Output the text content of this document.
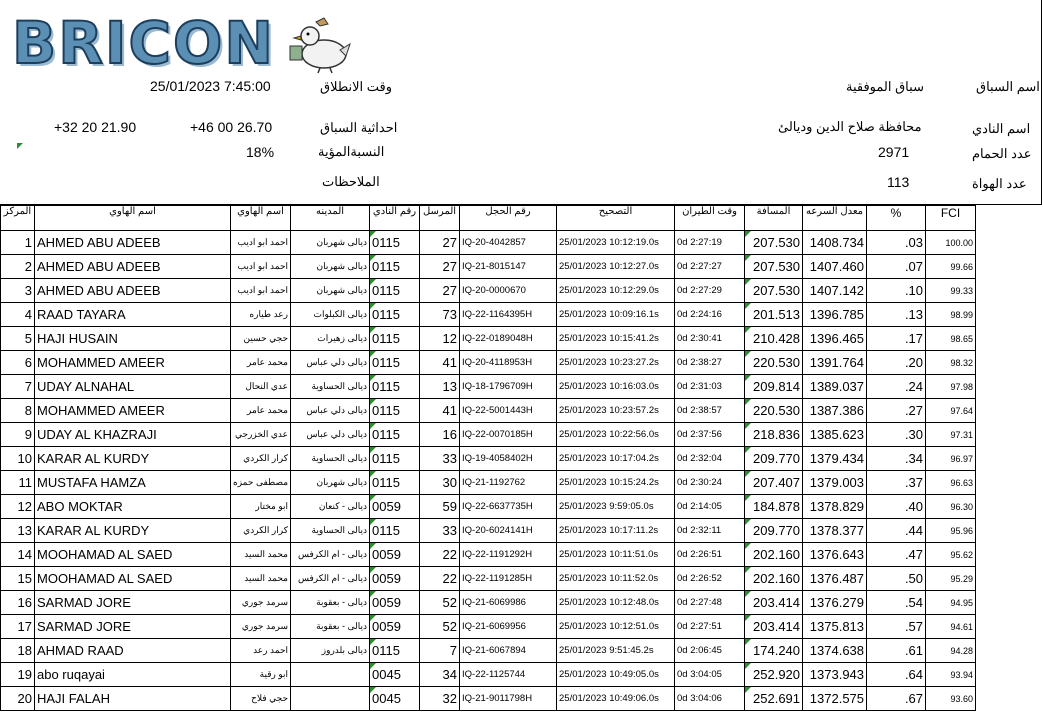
BRICON
اسم السباق
سباق الموفقية
وقت الانطلاق
25/01/2023 7:45:00
اسم النادي
محافظة صلاح الدين وديالئ
احداثية السباق
+46 00 26.70
+32 20 21.90
عدد الحمام
2971
النسبةالمؤية
18%
عدد الهواة
113
الملاحظات
المركز	اسم الهاوي	اسم الهاوي	المدينه	رقم النادي	المرسل	رقم الحجل	التصحيح	وقت الطيران	المسافة	معدل السرعه	%	FCI
1	AHMED ABU ADEEB	احمد ابو اديب	ديالى شهربان	0115	27	IQ-20-4042857	25/01/2023 10:12:19.0s	0d 2:27:19	207.530	1408.734	.03	100.00
2	AHMED ABU ADEEB	احمد ابو اديب	ديالى شهربان	0115	27	IQ-21-8015147	25/01/2023 10:12:27.0s	0d 2:27:27	207.530	1407.460	.07	99.66
3	AHMED ABU ADEEB	احمد ابو اديب	ديالى شهربان	0115	27	IQ-20-0000670	25/01/2023 10:12:29.0s	0d 2:27:29	207.530	1407.142	.10	99.33
4	RAAD TAYARA	رعد طياره	ديالى الكبلوات	0115	73	IQ-22-1164395H	25/01/2023 10:09:16.1s	0d 2:24:16	201.513	1396.785	.13	98.99
5	HAJI HUSAIN	حجي حسين	ديالى زهيرات	0115	12	IQ-22-0189048H	25/01/2023 10:15:41.2s	0d 2:30:41	210.428	1396.465	.17	98.65
6	MOHAMMED AMEER	محمد عامر	ديالى دلي عباس	0115	41	IQ-20-4118953H	25/01/2023 10:23:27.2s	0d 2:38:27	220.530	1391.764	.20	98.32
7	UDAY ALNAHAL	عدي النحال	ديالى الحساوية	0115	13	IQ-18-1796709H	25/01/2023 10:16:03.0s	0d 2:31:03	209.814	1389.037	.24	97.98
8	MOHAMMED AMEER	محمد عامر	ديالى دلي عباس	0115	41	IQ-22-5001443H	25/01/2023 10:23:57.2s	0d 2:38:57	220.530	1387.386	.27	97.64
9	UDAY AL KHAZRAJI	عدي الخزرجي	ديالى دلي عباس	0115	16	IQ-22-0070185H	25/01/2023 10:22:56.0s	0d 2:37:56	218.836	1385.623	.30	97.31
10	KARAR AL KURDY	كرار الكردي	ديالى الحساوية	0115	33	IQ-19-4058402H	25/01/2023 10:17:04.2s	0d 2:32:04	209.770	1379.434	.34	96.97
11	MUSTAFA HAMZA	مصطفى حمزه	ديالى شهربان	0115	30	IQ-21-1192762	25/01/2023 10:15:24.2s	0d 2:30:24	207.407	1379.003	.37	96.63
12	ABO MOKTAR	ابو مختار	ديالى - كنعان	0059	59	IQ-22-6637735H	25/01/2023 9:59:05.0s	0d 2:14:05	184.878	1378.829	.40	96.30
13	KARAR AL KURDY	كرار الكردي	ديالى الحساوية	0115	33	IQ-20-6024141H	25/01/2023 10:17:11.2s	0d 2:32:11	209.770	1378.377	.44	95.96
14	MOOHAMAD AL SAED	محمد السيد	ديالى - ام الكرفس	0059	22	IQ-22-1191292H	25/01/2023 10:11:51.0s	0d 2:26:51	202.160	1376.643	.47	95.62
15	MOOHAMAD AL SAED	محمد السيد	ديالى - ام الكرفس	0059	22	IQ-22-1191285H	25/01/2023 10:11:52.0s	0d 2:26:52	202.160	1376.487	.50	95.29
16	SARMAD JORE	سرمد جوري	ديالى - بعقوبة	0059	52	IQ-21-6069986	25/01/2023 10:12:48.0s	0d 2:27:48	203.414	1376.279	.54	94.95
17	SARMAD JORE	سرمد جوري	ديالى - بعقوبة	0059	52	IQ-21-6069956	25/01/2023 10:12:51.0s	0d 2:27:51	203.414	1375.813	.57	94.61
18	AHMAD RAAD	احمد رعد	ديالى بلدروز	0115	7	IQ-21-6067894	25/01/2023 9:51:45.2s	0d 2:06:45	174.240	1374.638	.61	94.28
19	abo ruqayai	ابو رقية		0045	34	IQ-22-1125744	25/01/2023 10:49:05.0s	0d 3:04:05	252.920	1373.943	.64	93.94
20	HAJI FALAH	حجي فلاح		0045	32	IQ-21-9011798H	25/01/2023 10:49:06.0s	0d 3:04:06	252.691	1372.575	.67	93.60
